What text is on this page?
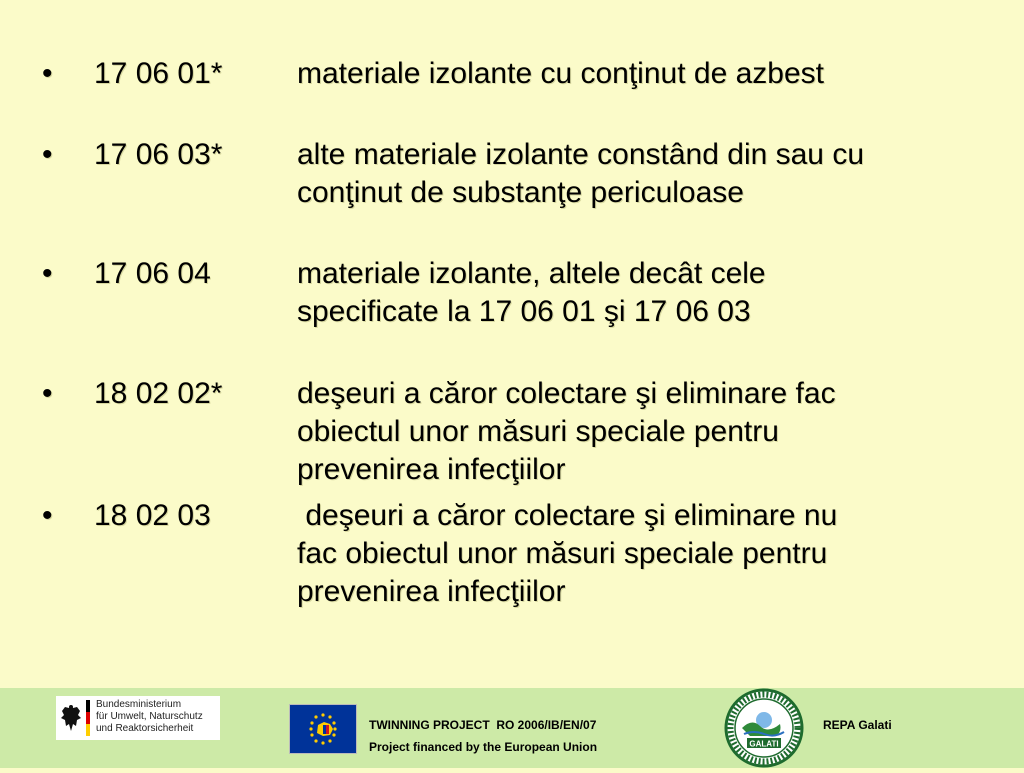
• 17 06 01* materiale izolante cu conţinut de azbest
• 17 06 03* alte materiale izolante constând din sau cu
conţinut de substanţe periculoase
• 17 06 04	materiale izolante, altele decât cele
specificate la 17 06 01 şi 17 06 03
• 18 02 02* deşeuri a căror colectare şi eliminare fac
obiectul unor măsuri speciale pentru
prevenirea infecţiilor
• 18 02 03	deşeuri a căror colectare şi eliminare nu
fac obiectul unor măsuri speciale pentru
prevenirea infecţiilor
Bundesministerium
für Umwelt, Naturschutz
und Reaktorsicherheit	TWINNING PROJECT  RO 2006/IB/EN/07
Project financed by the European Union	GALATI
REPA Galati
